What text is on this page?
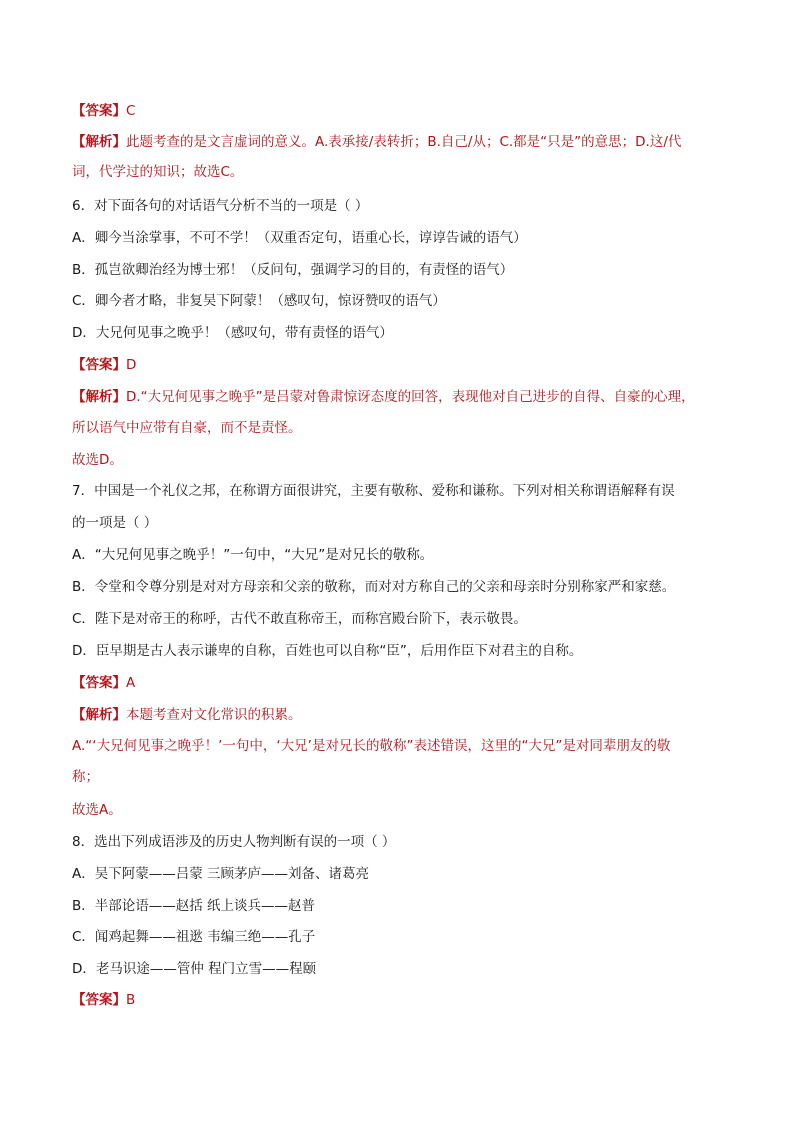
【答案】C
【解析】此题考查的是文言虚词的意义。A.表承接/表转折；B.自己/从；C.都是“只是”的意思；D.这/代
词，代学过的知识；故选C。
6．对下面各句的对话语气分析不当的一项是（ ）
A．卿今当涂掌事，不可不学！（双重否定句，语重心长，谆谆告诫的语气）
B．孤岂欲卿治经为博士邪！（反问句，强调学习的目的，有责怪的语气）
C．卿今者才略，非复吴下阿蒙！（感叹句，惊讶赞叹的语气）
D．大兄何见事之晚乎！（感叹句，带有责怪的语气）
【答案】D
【解析】D.“大兄何见事之晚乎”是吕蒙对鲁肃惊讶态度的回答，表现他对自己进步的自得、自豪的心理，
所以语气中应带有自豪，而不是责怪。
故选D。
7．中国是一个礼仪之邦，在称谓方面很讲究，主要有敬称、爱称和谦称。下列对相关称谓语解释有误
的一项是（ ）
A．“大兄何见事之晚乎！”一句中，“大兄”是对兄长的敬称。
B．令堂和令尊分别是对对方母亲和父亲的敬称，而对对方称自己的父亲和母亲时分别称家严和家慈。
C．陛下是对帝王的称呼，古代不敢直称帝王，而称宫殿台阶下，表示敬畏。
D．臣早期是古人表示谦卑的自称，百姓也可以自称“臣”，后用作臣下对君主的自称。
【答案】A
【解析】本题考查对文化常识的积累。
A.“‘大兄何见事之晚乎！’一句中，‘大兄’是对兄长的敬称”表述错误，这里的“大兄”是对同辈朋友的敬
称；
故选A。
8．选出下列成语涉及的历史人物判断有误的一项（ ）
A．吴下阿蒙——吕蒙 三顾茅庐——刘备、诸葛亮
B．半部论语——赵括 纸上谈兵——赵普
C．闻鸡起舞——祖逖 韦编三绝——孔子
D．老马识途——管仲 程门立雪——程颐
【答案】B
